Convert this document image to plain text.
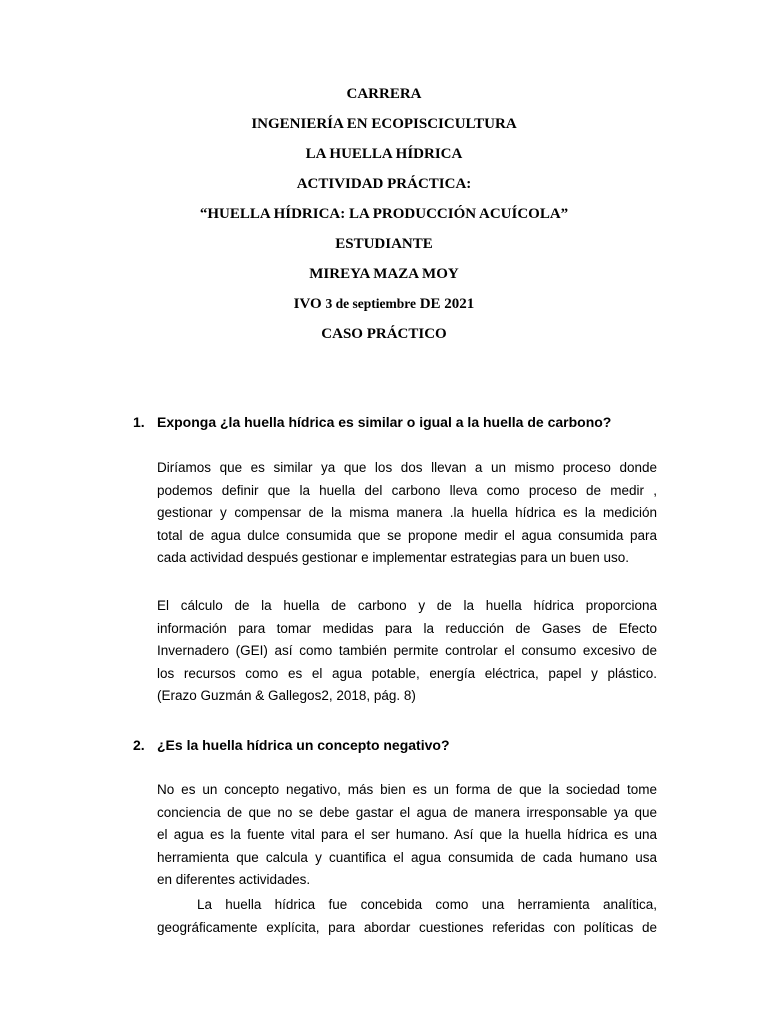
CARRERA
INGENIERÍA EN ECOPISCICULTURA
LA HUELLA HÍDRICA
ACTIVIDAD PRÁCTICA:
“HUELLA HÍDRICA: LA PRODUCCIÓN ACUÍCOLA”
ESTUDIANTE
MIREYA MAZA MOY
IVO 3 de septiembre DE 2021
CASO PRÁCTICO
1. Exponga ¿la huella hídrica es similar o igual a la huella de carbono?
Diríamos que es similar ya que los dos llevan a un mismo proceso donde
podemos definir que la huella del carbono lleva como proceso de medir ,
gestionar y compensar de la misma manera .la huella hídrica es la medición
total de agua dulce consumida que se propone medir el agua consumida para
cada actividad después gestionar e implementar estrategias para un buen uso.
El cálculo de la huella de carbono y de la huella hídrica proporciona
información para tomar medidas para la reducción de Gases de Efecto
Invernadero (GEI) así como también permite controlar el consumo excesivo de
los recursos como es el agua potable, energía eléctrica, papel y plástico.
(Erazo Guzmán & Gallegos2, 2018, pág. 8)
2. ¿Es la huella hídrica un concepto negativo?
No es un concepto negativo, más bien es un forma de que la sociedad tome
conciencia de que no se debe gastar el agua de manera irresponsable ya que
el agua es la fuente vital para el ser humano. Así que la huella hídrica es una
herramienta que calcula y cuantifica el agua consumida de cada humano usa
en diferentes actividades.
La huella hídrica fue concebida como una herramienta analítica,
geográficamente explícita, para abordar cuestiones referidas con políticas de
